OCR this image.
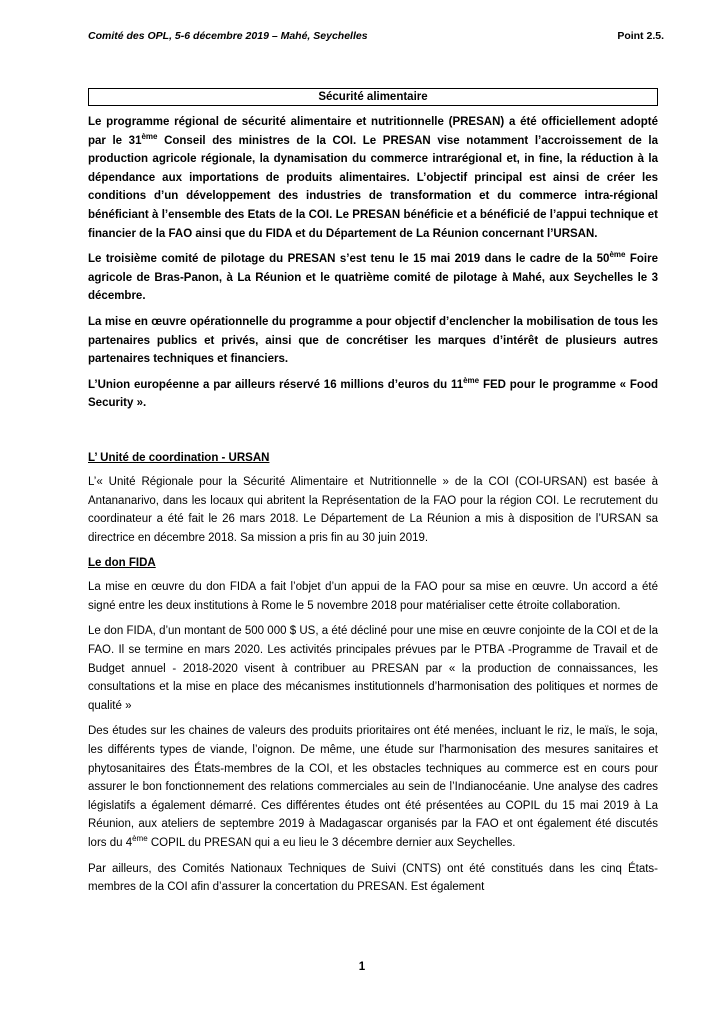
Comité des OPL, 5-6 décembre 2019 – Mahé, Seychelles	Point 2.5.
Sécurité alimentaire

Le programme régional de sécurité alimentaire et nutritionnelle (PRESAN) a été officiellement adopté par le 31ème Conseil des ministres de la COI. Le PRESAN vise notamment l’accroissement de la production agricole régionale, la dynamisation du commerce intrarégional et, in fine, la réduction à la dépendance aux importations de produits alimentaires. L’objectif principal est ainsi de créer les conditions d’un développement des industries de transformation et du commerce intra-régional bénéficiant à l’ensemble des Etats de la COI. Le PRESAN bénéficie et a bénéficié de l’appui technique et financier de la FAO ainsi que du FIDA et du Département de La Réunion concernant l’URSAN.

Le troisième comité de pilotage du PRESAN s’est tenu le 15 mai 2019 dans le cadre de la 50ème Foire agricole de Bras-Panon, à La Réunion et le quatrième comité de pilotage à Mahé, aux Seychelles le 3 décembre.

La mise en œuvre opérationnelle du programme a pour objectif d’enclencher la mobilisation de tous les partenaires publics et privés, ainsi que de concrétiser les marques d’intérêt de plusieurs autres partenaires techniques et financiers.

L’Union européenne a par ailleurs réservé 16 millions d’euros du 11ème FED pour le programme « Food Security ».

L’ Unité de coordination - URSAN

L’« Unité Régionale pour la Sécurité Alimentaire et Nutritionnelle » de la COI (COI-URSAN) est basée à Antananarivo, dans les locaux qui abritent la Représentation de la FAO pour la région COI. Le recrutement du coordinateur a été fait le 26 mars 2018. Le Département de La Réunion a mis à disposition de l’URSAN sa directrice en décembre 2018. Sa mission a pris fin au 30 juin 2019.

Le don FIDA

La mise en œuvre du don FIDA a fait l’objet d’un appui de la FAO pour sa mise en œuvre. Un accord a été signé entre les deux institutions à Rome le 5 novembre 2018 pour matérialiser cette étroite collaboration.

Le don FIDA, d’un montant de 500 000 $ US, a été décliné pour une mise en œuvre conjointe de la COI et de la FAO. Il se termine en mars 2020. Les activités principales prévues par le PTBA -Programme de Travail et de Budget annuel - 2018-2020 visent à contribuer au PRESAN par « la production de connaissances, les consultations et la mise en place des mécanismes institutionnels d’harmonisation des politiques et normes de qualité »

Des études sur les chaines de valeurs des produits prioritaires ont été menées, incluant le riz, le maïs, le soja, les différents types de viande, l’oignon. De même, une étude sur l'harmonisation des mesures sanitaires et phytosanitaires des États-membres de la COI, et les obstacles techniques au commerce est en cours pour assurer le bon fonctionnement des relations commerciales au sein de l’Indianocéanie. Une analyse des cadres législatifs a également démarré. Ces différentes études ont été présentées au COPIL du 15 mai 2019 à La Réunion, aux ateliers de septembre 2019 à Madagascar organisés par la FAO et ont également été discutés lors du 4ème COPIL du PRESAN qui a eu lieu le 3 décembre dernier aux Seychelles.

Par ailleurs, des Comités Nationaux Techniques de Suivi (CNTS) ont été constitués dans les cinq États-membres de la COI afin d’assurer la concertation du PRESAN. Est également

1
